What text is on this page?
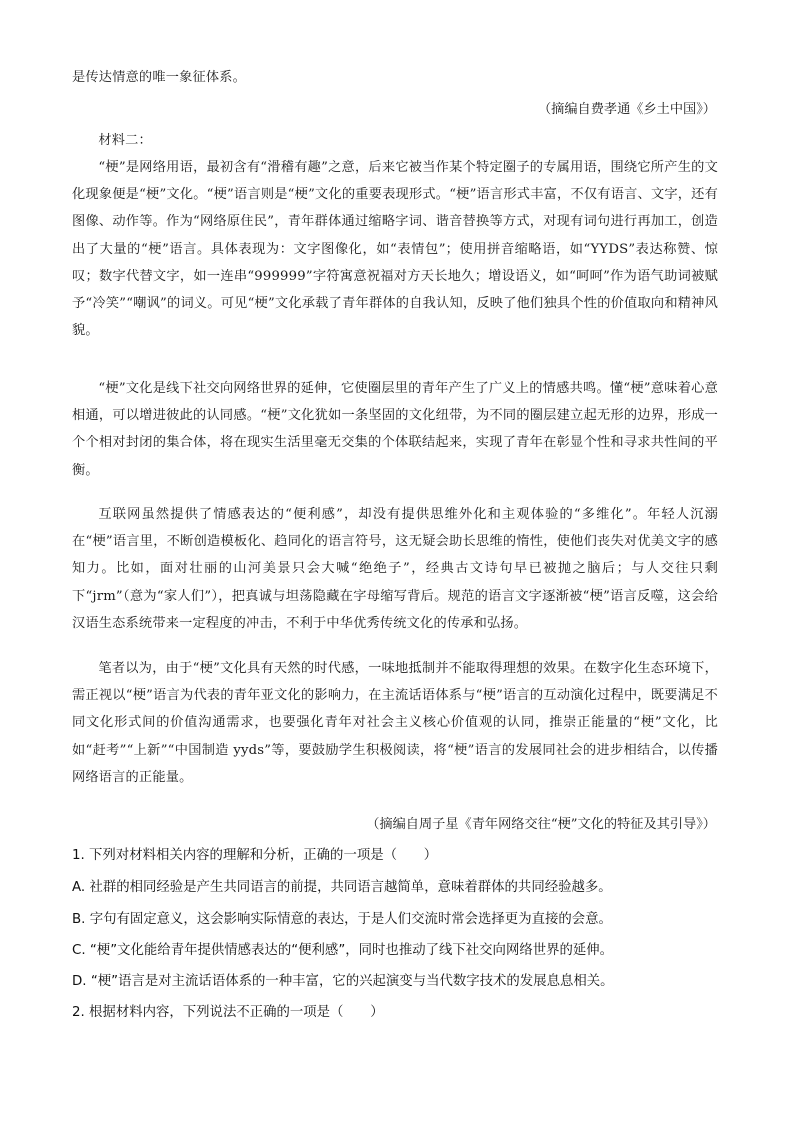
是传达情意的唯一象征体系。

（摘编自费孝通《乡土中国》）

材料二：

“梗”是网络用语，最初含有“滑稽有趣”之意，后来它被当作某个特定圈子的专属用语，围绕它所产生的文化现象便是“梗”文化。“梗”语言则是“梗”文化的重要表现形式。“梗”语言形式丰富，不仅有语言、文字，还有图像、动作等。作为“网络原住民”，青年群体通过缩略字词、谐音替换等方式，对现有词句进行再加工，创造出了大量的“梗”语言。具体表现为：文字图像化，如“表情包”；使用拼音缩略语，如“YYDS”表达称赞、惊叹；数字代替文字，如一连串“999999”字符寓意祝福对方天长地久；增设语义，如“呵呵”作为语气助词被赋予“冷笑”“嘲讽”的词义。可见“梗”文化承载了青年群体的自我认知，反映了他们独具个性的价值取向和精神风貌。

“梗”文化是线下社交向网络世界的延伸，它使圈层里的青年产生了广义上的情感共鸣。懂“梗”意味着心意相通，可以增进彼此的认同感。“梗”文化犹如一条坚固的文化纽带，为不同的圈层建立起无形的边界，形成一个个相对封闭的集合体，将在现实生活里毫无交集的个体联结起来，实现了青年在彰显个性和寻求共性间的平衡。

互联网虽然提供了情感表达的“便利感”，却没有提供思维外化和主观体验的“多维化”。年轻人沉溺在“梗”语言里，不断创造模板化、趋同化的语言符号，这无疑会助长思维的惰性，使他们丧失对优美文字的感知力。比如，面对壮丽的山河美景只会大喊“绝绝子”，经典古文诗句早已被抛之脑后；与人交往只剩下“jrm”（意为“家人们”），把真诚与坦荡隐藏在字母缩写背后。规范的语言文字逐渐被“梗”语言反噬，这会给汉语生态系统带来一定程度的冲击，不利于中华优秀传统文化的传承和弘扬。

笔者以为，由于“梗”文化具有天然的时代感，一味地抵制并不能取得理想的效果。在数字化生态环境下，需正视以“梗”语言为代表的青年亚文化的影响力，在主流话语体系与“梗”语言的互动演化过程中，既要满足不同文化形式间的价值沟通需求，也要强化青年对社会主义核心价值观的认同，推崇正能量的“梗”文化，比如“赶考”“上新”“中国制造 yyds”等，要鼓励学生积极阅读，将“梗”语言的发展同社会的进步相结合，以传播网络语言的正能量。

（摘编自周子星《青年网络交往“梗”文化的特征及其引导》）

1. 下列对材料相关内容的理解和分析，正确的一项是（　　）

A. 社群的相同经验是产生共同语言的前提，共同语言越简单，意味着群体的共同经验越多。

B. 字句有固定意义，这会影响实际情意的表达，于是人们交流时常会选择更为直接的会意。

C. “梗”文化能给青年提供情感表达的“便利感”，同时也推动了线下社交向网络世界的延伸。

D. “梗”语言是对主流话语体系的一种丰富，它的兴起演变与当代数字技术的发展息息相关。

2. 根据材料内容，下列说法不正确的一项是（　　）
